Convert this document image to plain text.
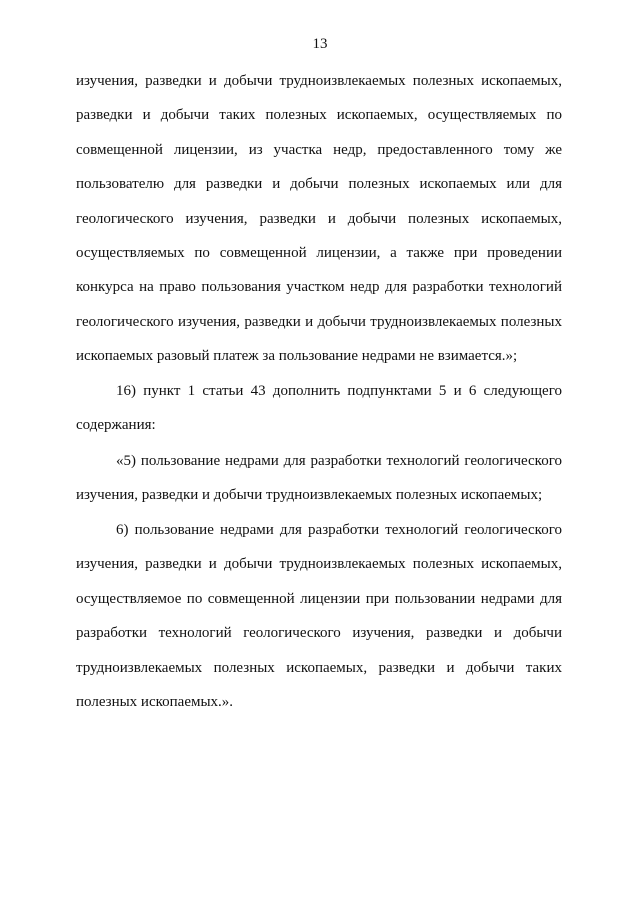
13
изучения, разведки и добычи трудноизвлекаемых полезных ископаемых,
разведки и добычи таких полезных ископаемых, осуществляемых по
совмещенной лицензии, из участка недр, предоставленного тому же
пользователю для разведки и добычи полезных ископаемых или для
геологического изучения, разведки и добычи полезных ископаемых,
осуществляемых по совмещенной лицензии, а также при проведении
конкурса на право пользования участком недр для разработки технологий
геологического изучения, разведки и добычи трудноизвлекаемых полезных
ископаемых разовый платеж за пользование недрами не взимается.»;
16) пункт 1 статьи 43 дополнить подпунктами 5 и 6 следующего
содержания:
«5) пользование недрами для разработки технологий геологического
изучения, разведки и добычи трудноизвлекаемых полезных ископаемых;
6) пользование недрами для разработки технологий геологического
изучения, разведки и добычи трудноизвлекаемых полезных ископаемых,
осуществляемое по совмещенной лицензии при пользовании недрами для
разработки технологий геологического изучения, разведки и добычи
трудноизвлекаемых полезных ископаемых, разведки и добычи таких
полезных ископаемых.».
